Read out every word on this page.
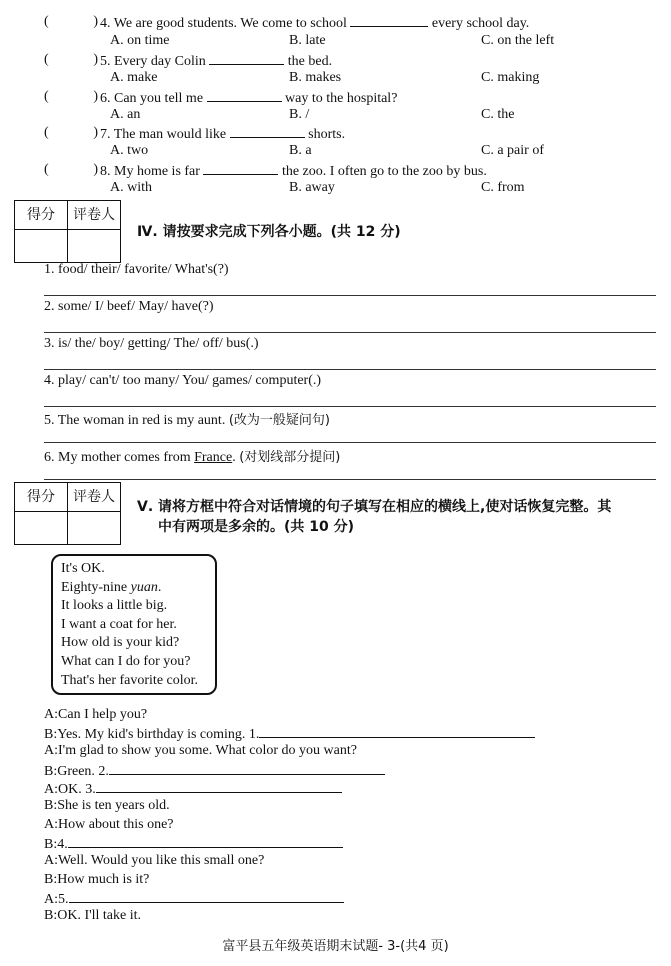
(	) 4. We are good students. We come to school	every school day.
A. on time	B. late	C. on the left
(	) 5. Every day Colin	the bed.
A. make	B. makes	C. making
(	) 6. Can you tell me	way to the hospital?
A. an	B. /	C. the
(	) 7. The man would like	shorts.
A. two	B. a	C. a pair of
(	) 8. My home is far	the zoo. I often go to the zoo by bus.
A. with	B. away	C. from
得分	评卷人
Ⅳ. 请按要求完成下列各小题。(共 12 分)
1. food/ their/ favorite/ What's(?)
2. some/ I/ beef/ May/ have(?)
3. is/ the/ boy/ getting/ The/ off/ bus(.)
4. play/ can't/ too many/ You/ games/ computer(.)
5. The woman in red is my aunt. (改为一般疑问句)
6. My mother comes from France. (对划线部分提问)
得分	评卷人
Ⅴ. 请将方框中符合对话情境的句子填写在相应的横线上,使对话恢复完整。其
中有两项是多余的。(共 10 分)
It's OK.
Eighty-nine yuan.
It looks a little big.
I want a coat for her.
How old is your kid?
What can I do for you?
That's her favorite color.
A:Can I help you?
B:Yes. My kid's birthday is coming. 1.
A:I'm glad to show you some. What color do you want?
B:Green. 2.
A:OK. 3.
B:She is ten years old.
A:How about this one?
B:4.
A:Well. Would you like this small one?
B:How much is it?
A:5.
B:OK. I'll take it.
富平县五年级英语期末试题- 3-(共4 页)
